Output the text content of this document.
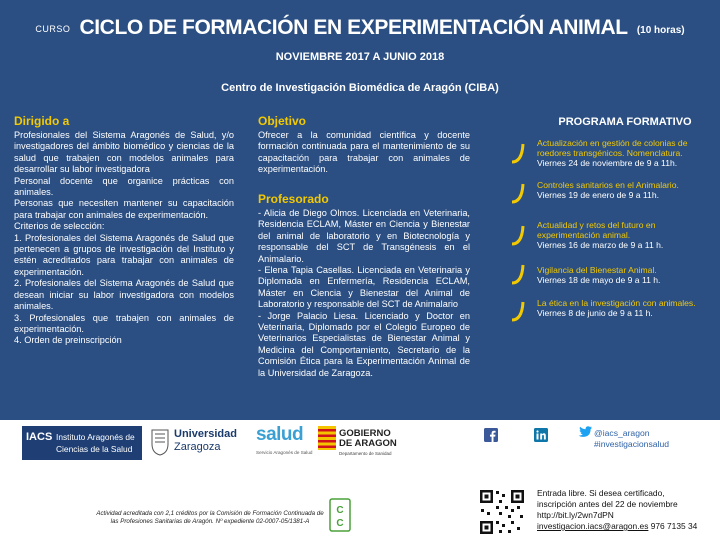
CURSO CICLO DE FORMACIÓN EN EXPERIMENTACIÓN ANIMAL (10 horas)
NOVIEMBRE 2017 A JUNIO 2018
Centro de Investigación Biomédica de Aragón (CIBA)
Dirigido a

Profesionales del Sistema Aragonés de Salud, y/o investigadores del ámbito biomédico y ciencias de la salud que trabajen con modelos animales para desarrollar su labor investigadora

Personal docente que organice prácticas con animales.

Personas que necesiten mantener su capacitación para trabajar con animales de experimentación.

Criterios de selección:

1. Profesionales del Sistema Aragonés de Salud que pertenecen a grupos de investigación del Instituto y estén acreditados para trabajar con animales de experimentación.

2. Profesionales del Sistema Aragonés de Salud que desean iniciar su labor investigadora con modelos animales.

3. Profesionales que trabajen con animales de experimentación.

4. Orden de preinscripción

Objetivo

Ofrecer a la comunidad científica y docente formación continuada para el mantenimiento de su capacitación para trabajar con animales de experimentación.

Profesorado

- Alicia de Diego Olmos. Licenciada en Veterinaria, Residencia ECLAM, Máster en Ciencia y Bienestar del animal de laboratorio y en Biotecnología y responsable del SCT de Transgénesis en el Animalario.

- Elena Tapia Casellas. Licenciada en Veterinaria y Diplomada en Enfermería, Residencia ECLAM, Máster en Ciencia y Bienestar del Animal de Laboratorio y responsable del SCT de Animalario

- Jorge Palacio Liesa. Licenciado y Doctor en Veterinaria, Diplomado por el Colegio Europeo de Veterinarios Especialistas de Bienestar Animal y Medicina del Comportamiento, Secretario de la Comisión Ética para la Experimentación Animal de la Universidad de Zaragoza.

PROGRAMA FORMATIVO
Actualización en gestión de colonias de roedores transgénicos. Nomenclatura.
Viernes 24 de noviembre de 9 a 11h.
Controles sanitarios en el Animalario.
Viernes 19 de enero de 9 a 11h.
Actualidad y retos del futuro en experimentación animal.
Viernes 16 de marzo de 9 a 11 h.
Vigilancia del Bienestar Animal.
Viernes 18 de mayo de 9 a 11 h.
La ética en la investigación con animales.
Viernes 8 de junio de 9 a 11 h.
IACS Instituto Aragonés de
Ciencias de la Salud
Universidad
Zaragoza
salud
Servicio Aragonés de Salud
GOBIERNO
DE ARAGON
Departamento de Sanidad
Actividad acreditada con 2,1 créditos por la Comisión de Formación Continuada de las Profesiones Sanitarias de Aragón. Nº expediente 02-0007-05/1381-A
C
C
@iacs_aragon
#investigacionsalud
Entrada libre. Si desea certificado,
inscripción antes del 22 de noviembre
http://bit.ly/2wn7dPN
investigacion.iacs@aragon.es 976 7135 34
